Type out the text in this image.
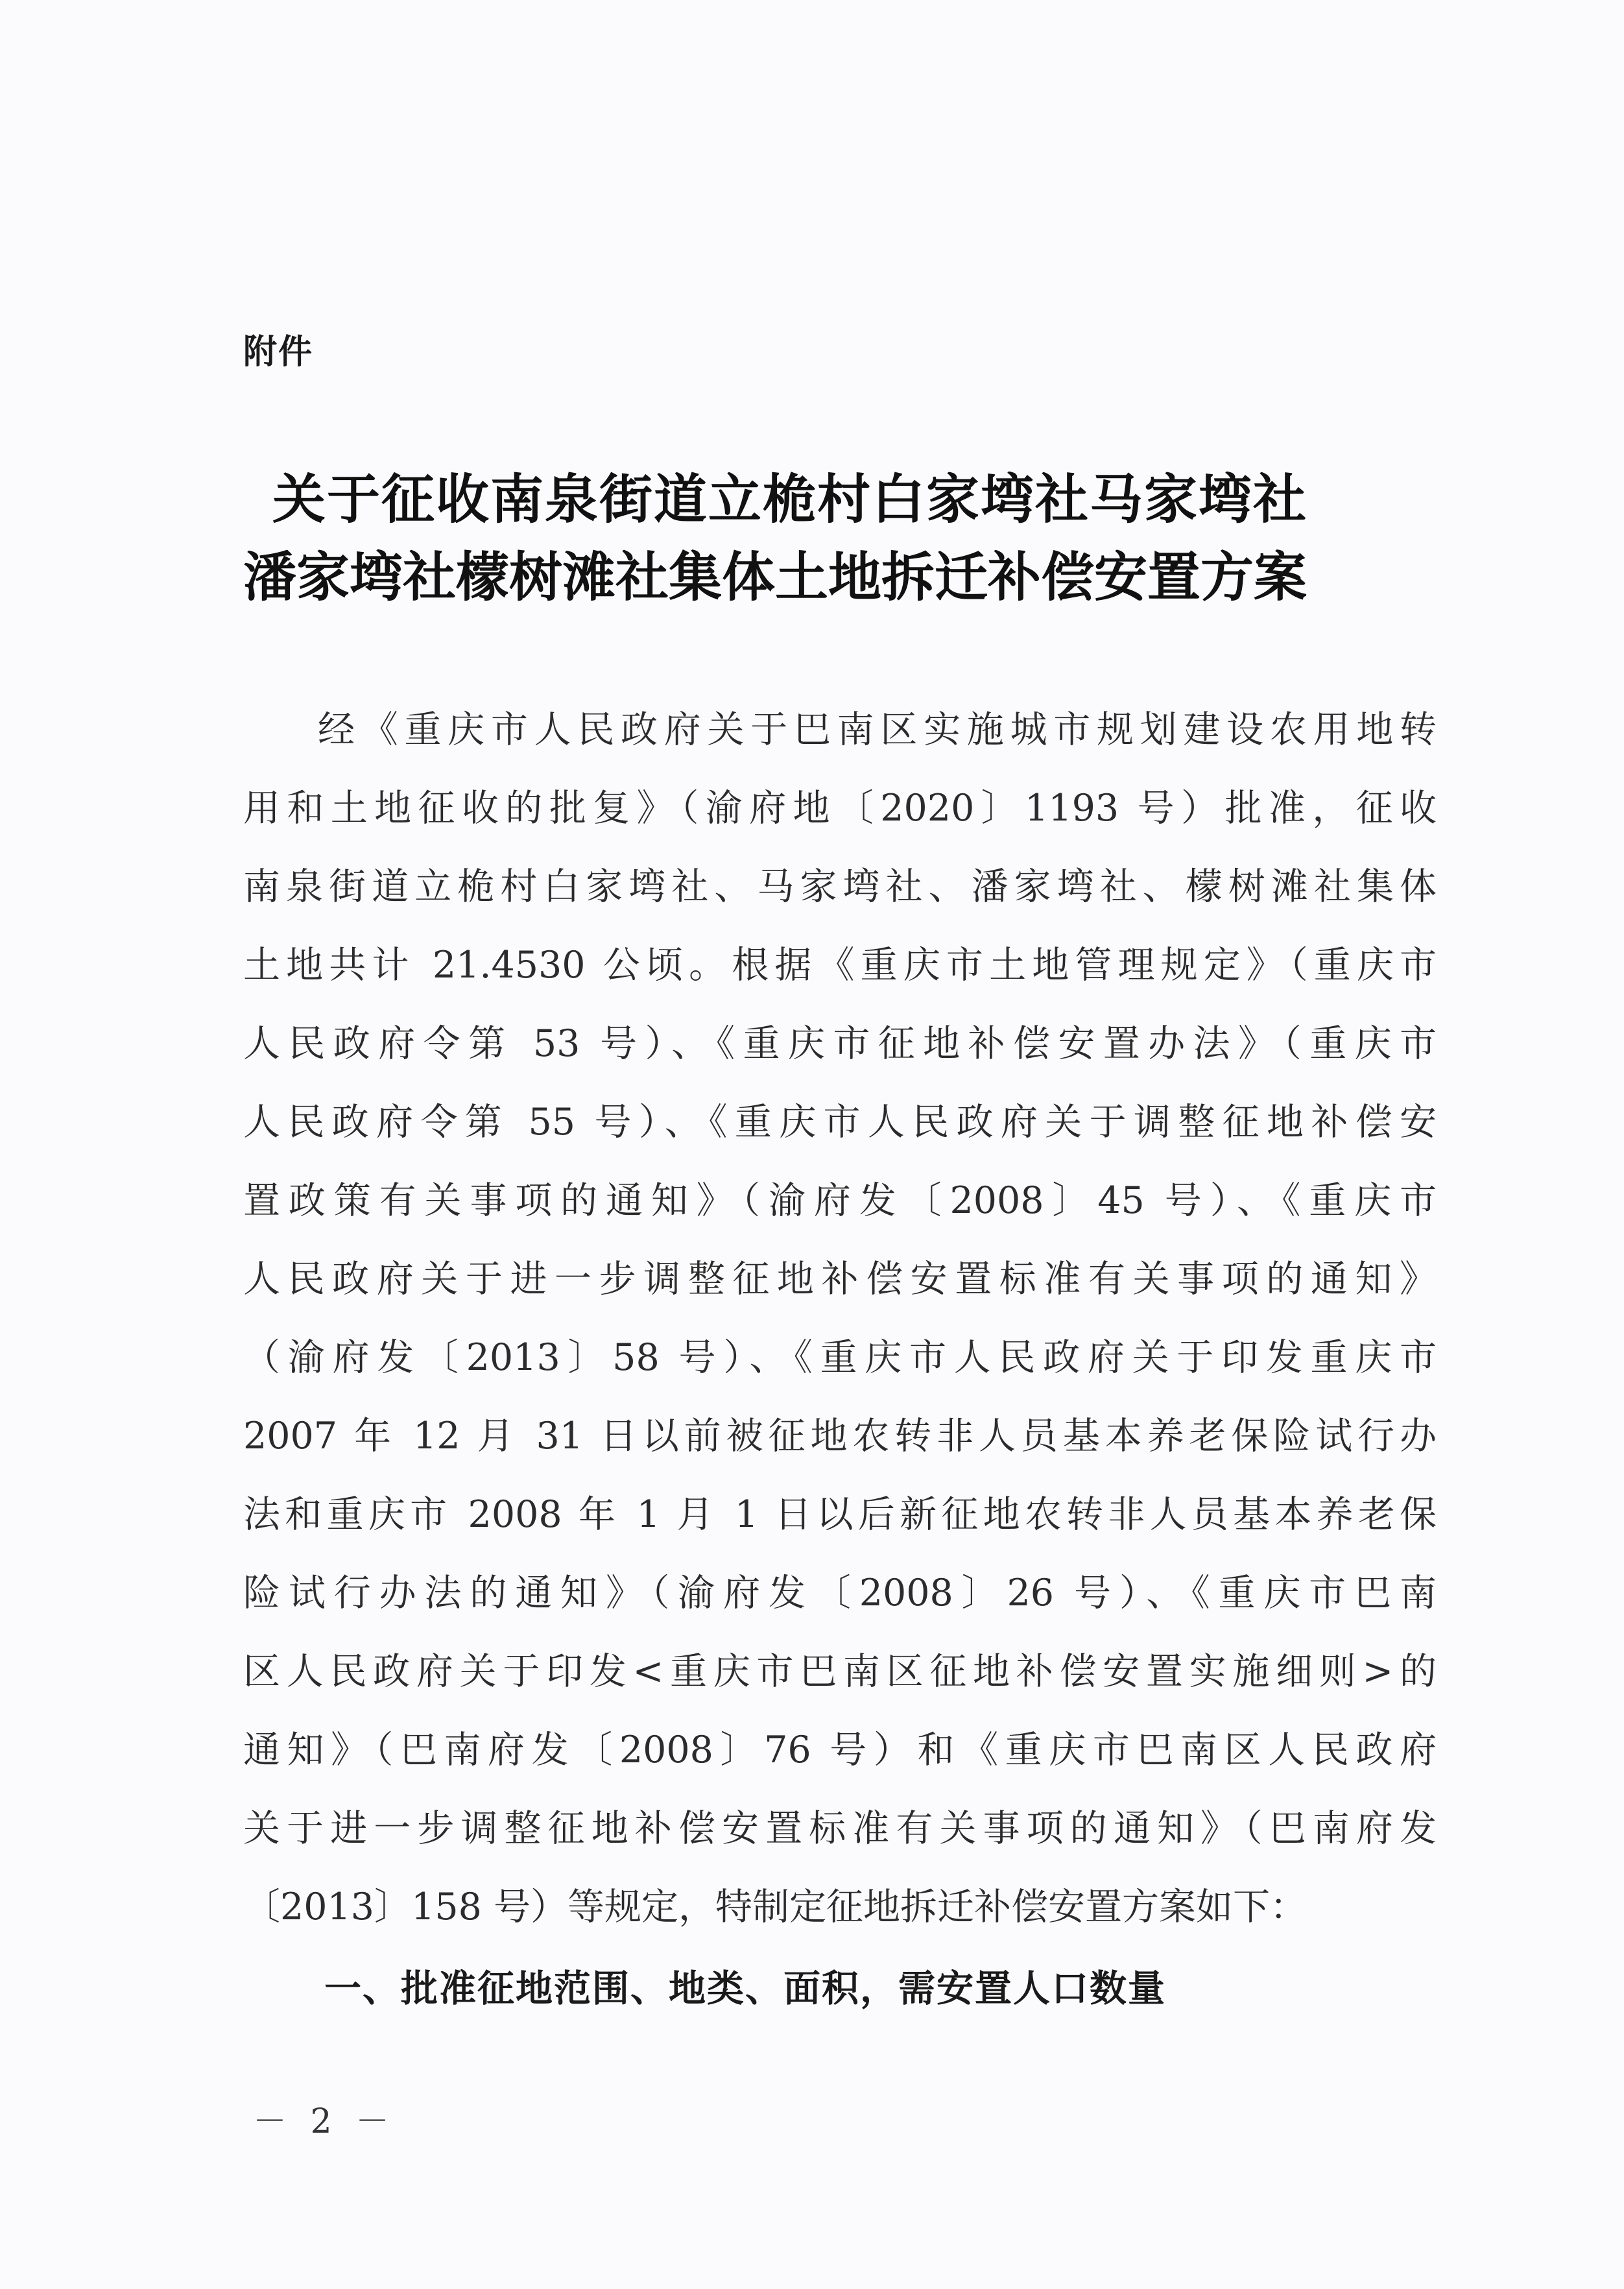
附件
关于征收南泉街道立桅村白家塆社马家塆社
潘家塆社檬树滩社集体土地拆迁补偿安置方案
经《重庆市人民政府关于巴南区实施城市规划建设农用地转
用和土地征收的批复》（渝府地〔2020〕1193 号）批准，征收
南泉街道立桅村白家塆社、马家塆社、潘家塆社、檬树滩社集体
土地共计 21.4530 公顷。根据《重庆市土地管理规定》（重庆市
人民政府令第 53 号）、《重庆市征地补偿安置办法》（重庆市
人民政府令第 55 号）、《重庆市人民政府关于调整征地补偿安
置政策有关事项的通知》（渝府发〔2008〕45 号）、《重庆市
人民政府关于进一步调整征地补偿安置标准有关事项的通知》
（渝府发〔2013〕58 号）、《重庆市人民政府关于印发重庆市
2007 年 12 月 31 日以前被征地农转非人员基本养老保险试行办
法和重庆市 2008 年 1 月 1 日以后新征地农转非人员基本养老保
险试行办法的通知》（渝府发〔2008〕26 号）、《重庆市巴南
区人民政府关于印发<重庆市巴南区征地补偿安置实施细则>的
通知》（巴南府发〔2008〕76 号）和《重庆市巴南区人民政府
关于进一步调整征地补偿安置标准有关事项的通知》（巴南府发
〔2013〕158 号）等规定，特制定征地拆迁补偿安置方案如下：
一、批准征地范围、地类、面积，需安置人口数量
－ 2 －
